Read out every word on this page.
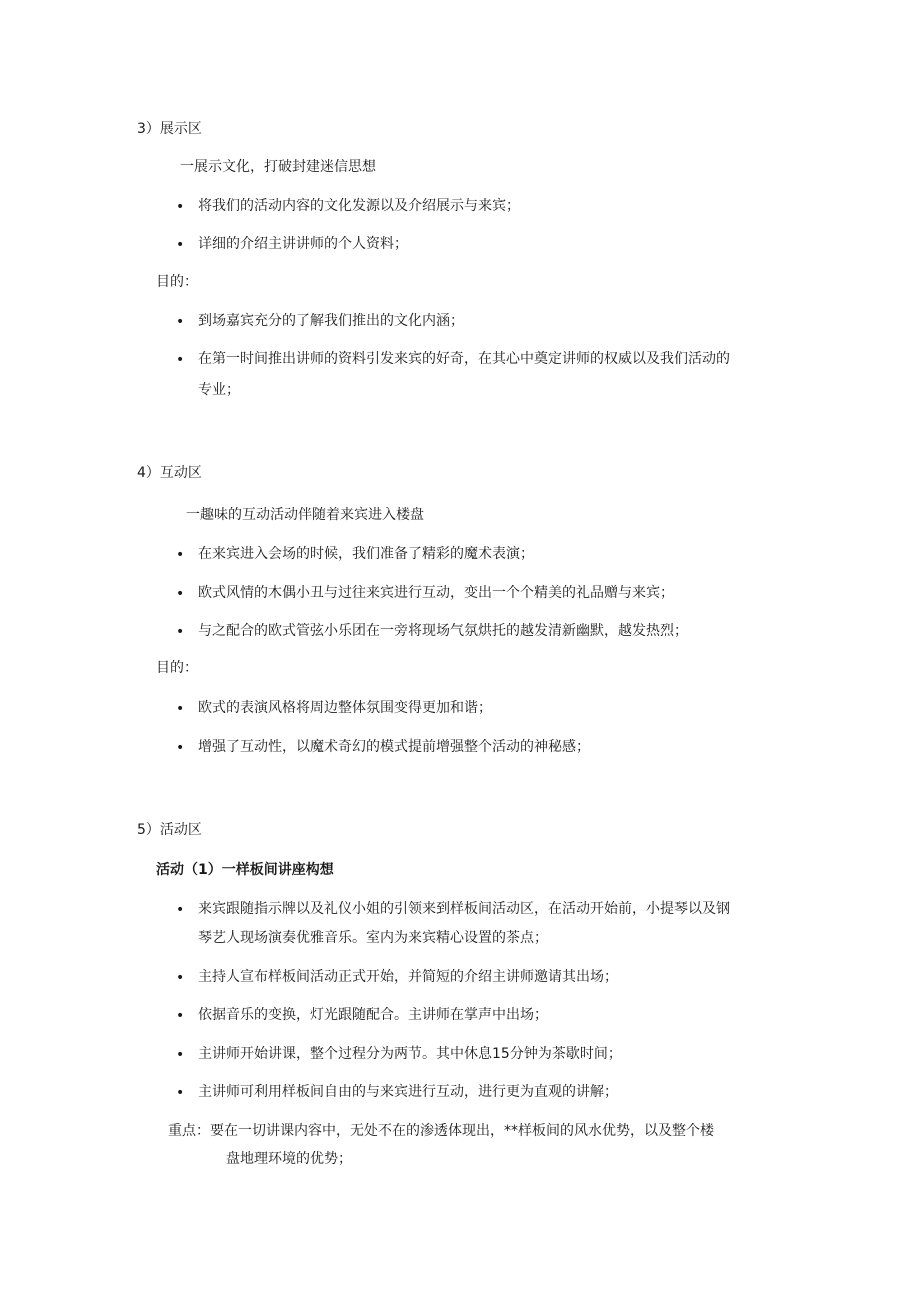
3）展示区
一展示文化，打破封建迷信思想
• 将我们的活动内容的文化发源以及介绍展示与来宾；
• 详细的介绍主讲讲师的个人资料；
目的：
• 到场嘉宾充分的了解我们推出的文化内涵；
• 在第一时间推出讲师的资料引发来宾的好奇，在其心中奠定讲师的权威以及我们活动的
专业；
4）互动区
一趣味的互动活动伴随着来宾进入楼盘
• 在来宾进入会场的时候，我们准备了精彩的魔术表演；
• 欧式风情的木偶小丑与过往来宾进行互动，变出一个个精美的礼品赠与来宾；
• 与之配合的欧式管弦小乐团在一旁将现场气氛烘托的越发清新幽默，越发热烈；
目的：
• 欧式的表演风格将周边整体氛围变得更加和谐；
• 增强了互动性，以魔术奇幻的模式提前增强整个活动的神秘感；
5）活动区
活动（1）一样板间讲座构想
• 来宾跟随指示牌以及礼仪小姐的引领来到样板间活动区，在活动开始前，小提琴以及钢
琴艺人现场演奏优雅音乐。室内为来宾精心设置的茶点；
• 主持人宣布样板间活动正式开始，并简短的介绍主讲师邀请其出场；
• 依据音乐的变换，灯光跟随配合。主讲师在掌声中出场；
• 主讲师开始讲课，整个过程分为两节。其中休息15分钟为茶歇时间；
• 主讲师可利用样板间自由的与来宾进行互动，进行更为直观的讲解；
重点：要在一切讲课内容中，无处不在的渗透体现出，**样板间的风水优势，以及整个楼
盘地理环境的优势；
